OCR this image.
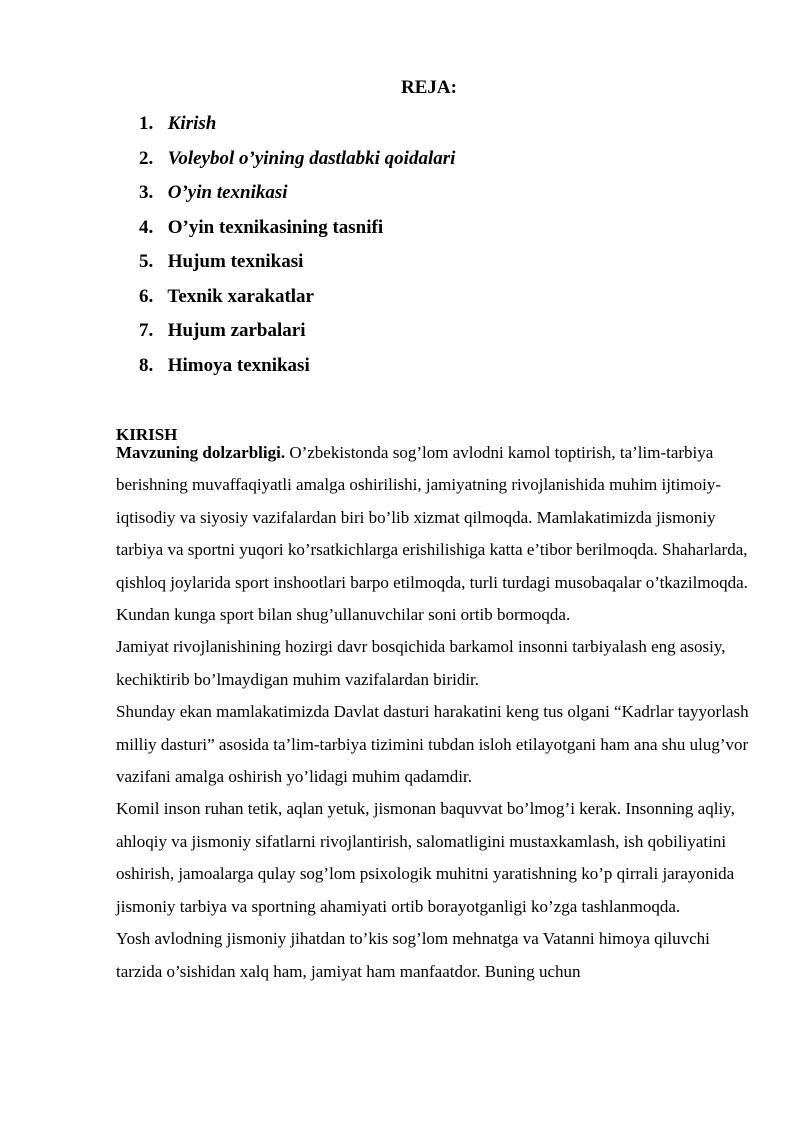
REJA:
1. Kirish
2. Voleybol o’yining dastlabki qoidalari
3. O’yin texnikasi
4. O’yin texnikasining tasnifi
5. Hujum texnikasi
6. Texnik xarakatlar
7. Hujum zarbalari
8. Himoya texnikasi

KIRISH

Mavzuning dolzarbligi. O’zbekistonda sog’lom avlodni kamol toptirish, ta’lim-tarbiya berishning muvaffaqiyatli amalga oshirilishi, jamiyatning rivojlanishida muhim ijtimoiy-iqtisodiy va siyosiy vazifalardan biri bo’lib xizmat qilmoqda. Mamlakatimizda jismoniy tarbiya va sportni yuqori ko’rsatkichlarga erishilishiga katta e’tibor berilmoqda. Shaharlarda, qishloq joylarida sport inshootlari barpo etilmoqda, turli turdagi musobaqalar o’tkazilmoqda. Kundan kunga sport bilan shug’ullanuvchilar soni ortib bormoqda.

Jamiyat rivojlanishining hozirgi davr bosqichida barkamol insonni tarbiyalash eng asosiy, kechiktirib bo’lmaydigan muhim vazifalardan biridir.

Shunday ekan mamlakatimizda Davlat dasturi harakatini keng tus olgani “Kadrlar tayyorlash milliy dasturi” asosida ta’lim-tarbiya tizimini tubdan isloh etilayotgani ham ana shu ulug’vor vazifani amalga oshirish yo’lidagi muhim qadamdir.

Komil inson ruhan tetik, aqlan yetuk, jismonan baquvvat bo’lmog’i kerak. Insonning aqliy, ahloqiy va jismoniy sifatlarni rivojlantirish, salomatligini mustaxkamlash, ish qobiliyatini oshirish, jamoalarga qulay sog’lom psixologik muhitni yaratishning ko’p qirrali jarayonida jismoniy tarbiya va sportning ahamiyati ortib borayotganligi ko’zga tashlanmoqda.

Yosh avlodning jismoniy jihatdan to’kis sog’lom mehnatga va Vatanni himoya qiluvchi tarzida o’sishidan xalq ham, jamiyat ham manfaatdor. Buning uchun
